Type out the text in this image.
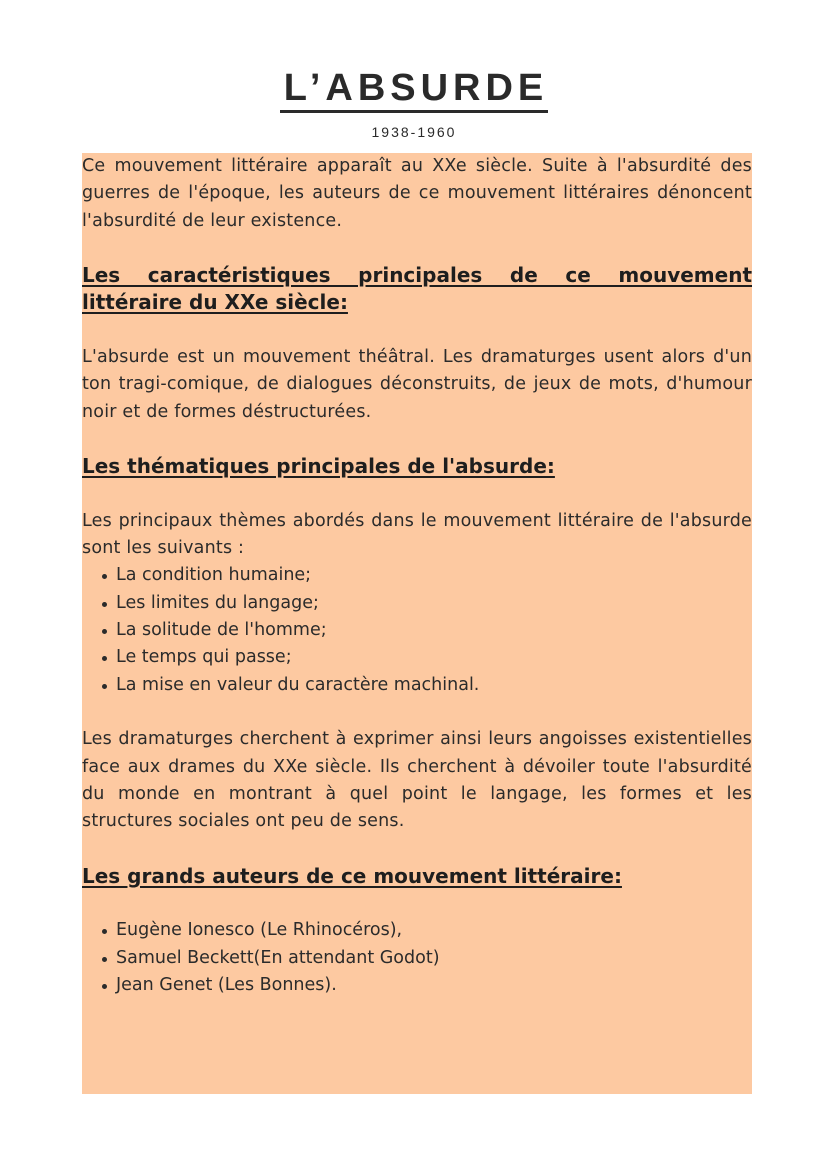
L’ABSURDE
1938-1960

Ce mouvement littéraire apparaît au XXe siècle. Suite à l'absurdité des guerres de l'époque, les auteurs de ce mouvement littéraires dénoncent l'absurdité de leur existence.

Les caractéristiques principales de ce mouvement littéraire du XXe siècle:

L'absurde est un mouvement théâtral. Les dramaturges usent alors d'un ton tragi-comique, de dialogues déconstruits, de jeux de mots, d'humour noir et de formes déstructurées.

Les thématiques principales de l'absurde:

Les principaux thèmes abordés dans le mouvement littéraire de l'absurde sont les suivants :

La condition humaine;
Les limites du langage;
La solitude de l'homme;
Le temps qui passe;
La mise en valeur du caractère machinal.

Les dramaturges cherchent à exprimer ainsi leurs angoisses existentielles face aux drames du XXe siècle. Ils cherchent à dévoiler toute l'absurdité du monde en montrant à quel point le langage, les formes et les structures sociales ont peu de sens.

Les grands auteurs de ce mouvement littéraire:
Eugène Ionesco (Le Rhinocéros),
Samuel Beckett(En attendant Godot)
Jean Genet (Les Bonnes).
